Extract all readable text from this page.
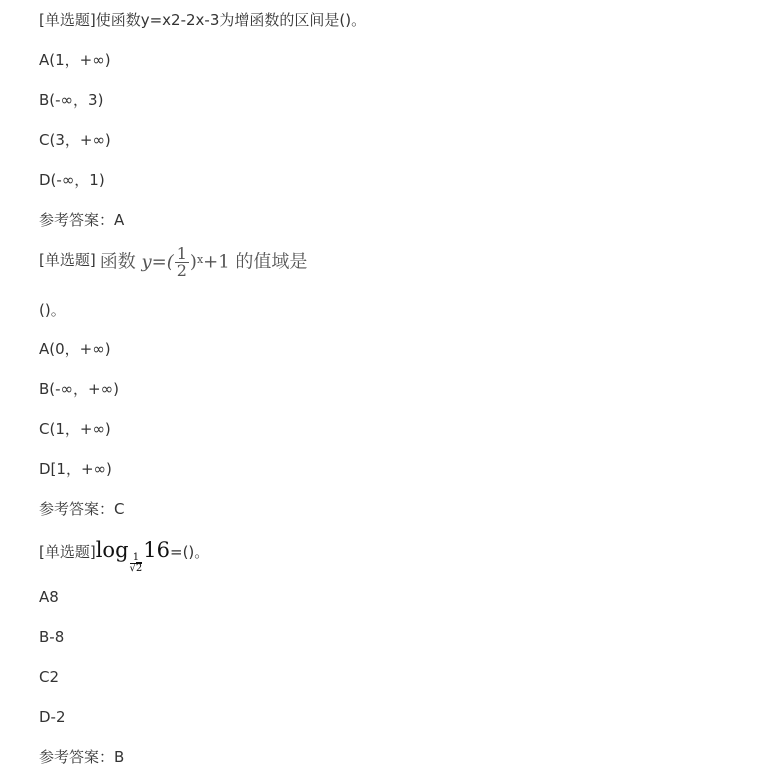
[单选题]使函数y=x2-2x-3为增函数的区间是()。
A(1，+∞)
B(-∞，3)
C(3，+∞)
D(-∞，1)
参考答案：A
[单选题] 函数 $y=( \frac{1}{2} )^x+1$ 的值域是
()。
A(0，+∞)
B(-∞，+∞)
C(1，+∞)
D[1，+∞)
参考答案：C
[单选题]log
$\frac{1}{√2}$
16=()。
A8
B-8
C2
D-2
参考答案：B
